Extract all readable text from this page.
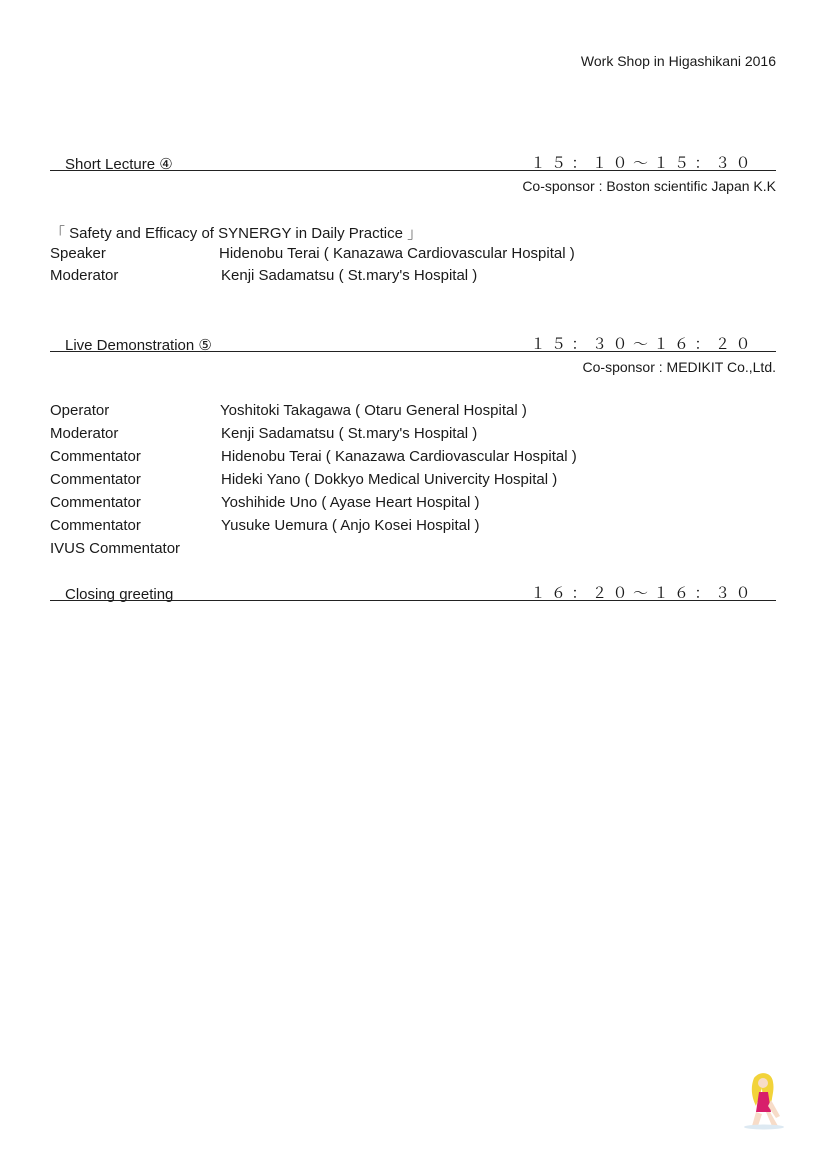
Work Shop in Higashikani 2016
Short Lecture ④	１５：１０〜１５：３０
Co-sponsor : Boston scientific Japan K.K
「 Safety and Efficacy of SYNERGY in Daily Practice 」
Speaker	Hidenobu Terai ( Kanazawa Cardiovascular Hospital )
Moderator	Kenji Sadamatsu ( St.mary's Hospital )
Live Demonstration ⑤	１５：３０〜１６：２０
Co-sponsor : MEDIKIT Co.,Ltd.
Operator	Yoshitoki Takagawa ( Otaru General Hospital )
Moderator	Kenji Sadamatsu ( St.mary's Hospital )
Commentator	Hidenobu Terai ( Kanazawa Cardiovascular Hospital )
Commentator	Hideki Yano ( Dokkyo Medical Univercity Hospital )
Commentator	Yoshihide Uno ( Ayase Heart Hospital )
Commentator	Yusuke Uemura ( Anjo Kosei Hospital )
IVUS Commentator
Closing greeting	１６：２０〜１６：３０
